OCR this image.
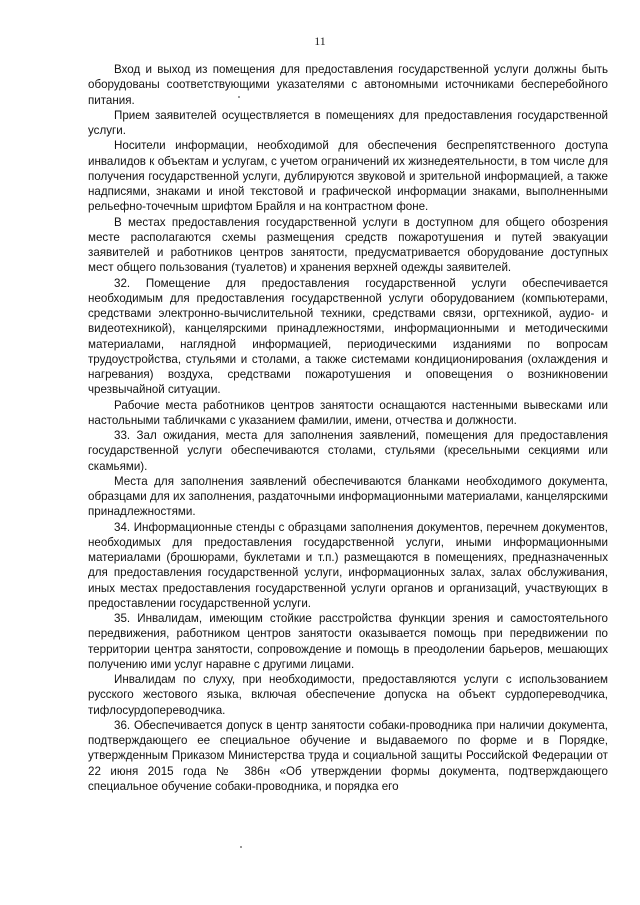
11

Вход и выход из помещения для предоставления государственной услуги должны быть оборудованы соответствующими указателями с автономными источниками бесперебойного питания.

Прием заявителей осуществляется в помещениях для предоставления государственной услуги.

Носители информации, необходимой для обеспечения беспрепятственного доступа инвалидов к объектам и услугам, с учетом ограничений их жизнедеятельности, в том числе для получения государственной услуги, дублируются звуковой и зрительной информацией, а также надписями, знаками и иной текстовой и графической информации знаками, выполненными рельефно-точечным шрифтом Брайля и на контрастном фоне.

В местах предоставления государственной услуги в доступном для общего обозрения месте располагаются схемы размещения средств пожаротушения и путей эвакуации заявителей и работников центров занятости, предусматривается оборудование доступных мест общего пользования (туалетов) и хранения верхней одежды заявителей.

32. Помещение для предоставления государственной услуги обеспечивается необходимым для предоставления государственной услуги оборудованием (компьютерами, средствами электронно-вычислительной техники, средствами связи, оргтехникой, аудио- и видеотехникой), канцелярскими принадлежностями, информационными и методическими материалами, наглядной информацией, периодическими изданиями по вопросам трудоустройства, стульями и столами, а также системами кондиционирования (охлаждения и нагревания) воздуха, средствами пожаротушения и оповещения о возникновении чрезвычайной ситуации.

Рабочие места работников центров занятости оснащаются настенными вывесками или настольными табличками с указанием фамилии, имени, отчества и должности.

33. Зал ожидания, места для заполнения заявлений, помещения для предоставления государственной услуги обеспечиваются столами, стульями (кресельными секциями или скамьями).

Места для заполнения заявлений обеспечиваются бланками необходимого документа, образцами для их заполнения, раздаточными информационными материалами, канцелярскими принадлежностями.

34. Информационные стенды с образцами заполнения документов, перечнем документов, необходимых для предоставления государственной услуги, иными информационными материалами (брошюрами, буклетами и т.п.) размещаются в помещениях, предназначенных для предоставления государственной услуги, информационных залах, залах обслуживания, иных местах предоставления государственной услуги органов и организаций, участвующих в предоставлении государственной услуги.

35. Инвалидам, имеющим стойкие расстройства функции зрения и самостоятельного передвижения, работником центров занятости оказывается помощь при передвижении по территории центра занятости, сопровождение и помощь в преодолении барьеров, мешающих получению ими услуг наравне с другими лицами.

Инвалидам по слуху, при необходимости, предоставляются услуги с использованием русского жестового языка, включая обеспечение допуска на объект сурдопереводчика, тифлосурдопереводчика.

36. Обеспечивается допуск в центр занятости собаки-проводника при наличии документа, подтверждающего ее специальное обучение и выдаваемого по форме и в Порядке, утвержденным Приказом Министерства труда и социальной защиты Российской Федерации от 22 июня 2015 года № 386н «Об утверждении формы документа, подтверждающего специальное обучение собаки-проводника, и порядка его
